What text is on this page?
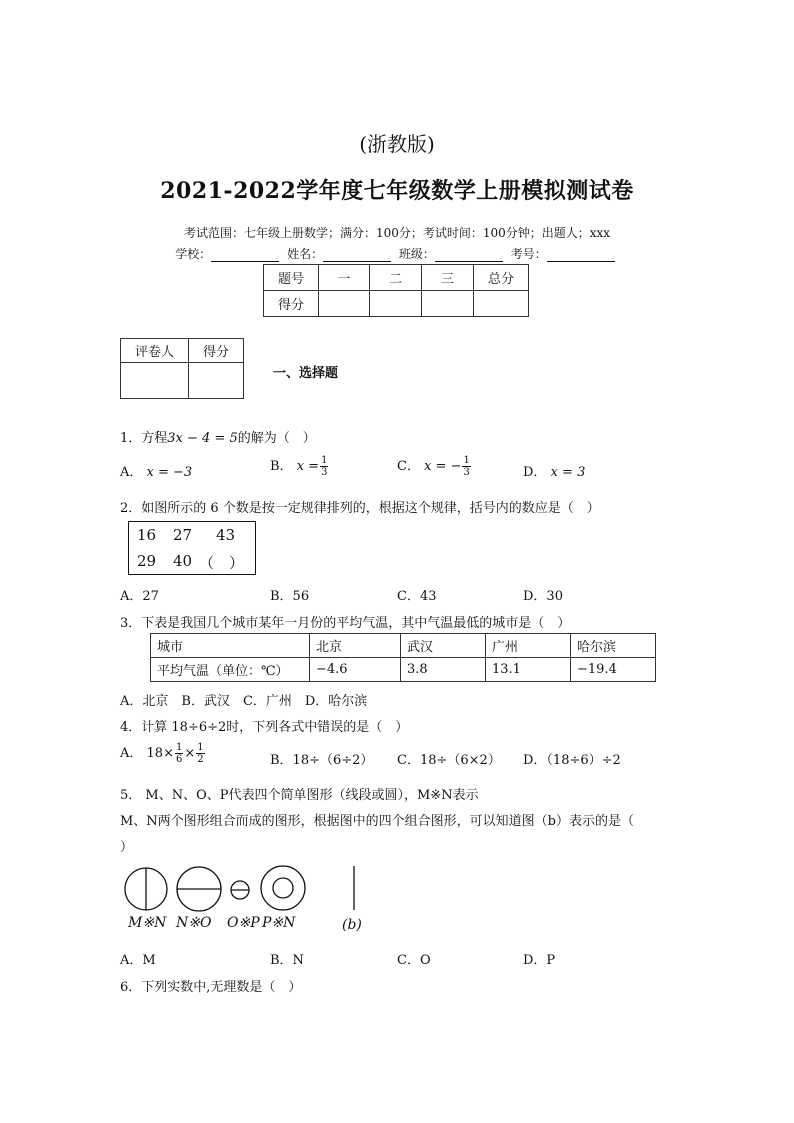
(浙教版)
2021-2022学年度七年级数学上册模拟测试卷
考试范围：七年级上册数学；满分：100分；考试时间：100分钟；出题人；xxx
学校：	姓名：	班级：	考号：
题号	一	二	三	总分
得分				
评卷人	得分

一、选择题
1．方程3x − 4 = 5的解为（　）
A． x = −3	B． $x = \frac{1}{3}$	C． x = − $\frac{1}{3}$	D． x = 3
2．如图所示的 6 个数是按一定规律排列的，根据这个规律，括号内的数应是（　）
16 27 43
29 40 （　）
A．27	B．56	C．43	D．30
3．下表是我国几个城市某年一月份的平均气温，其中气温最低的城市是（　）
城市	北京	武汉	广州	哈尔滨
平均气温（单位：℃）	−4.6	3.8	13.1	−19.4
A．北京　B．武汉　C．广州　D．哈尔滨
4．计算 18÷6÷2时，下列各式中错误的是（　）
A． $18\times \frac{1}{6} \times \frac{1}{2}$	B．18÷（6÷2） C．18÷（6×2） D．（18÷6）÷2
5． M、N、O、P代表四个简单图形（线段或圆），M※N表示
M、N两个图形组合而成的图形，根据图中的四个组合图形，可以知道图（b）表示的是（
）
M※N N※O O※P P※N	(b)
A．M	B．N	C．O	D．P
6．下列实数中,无理数是（　）
